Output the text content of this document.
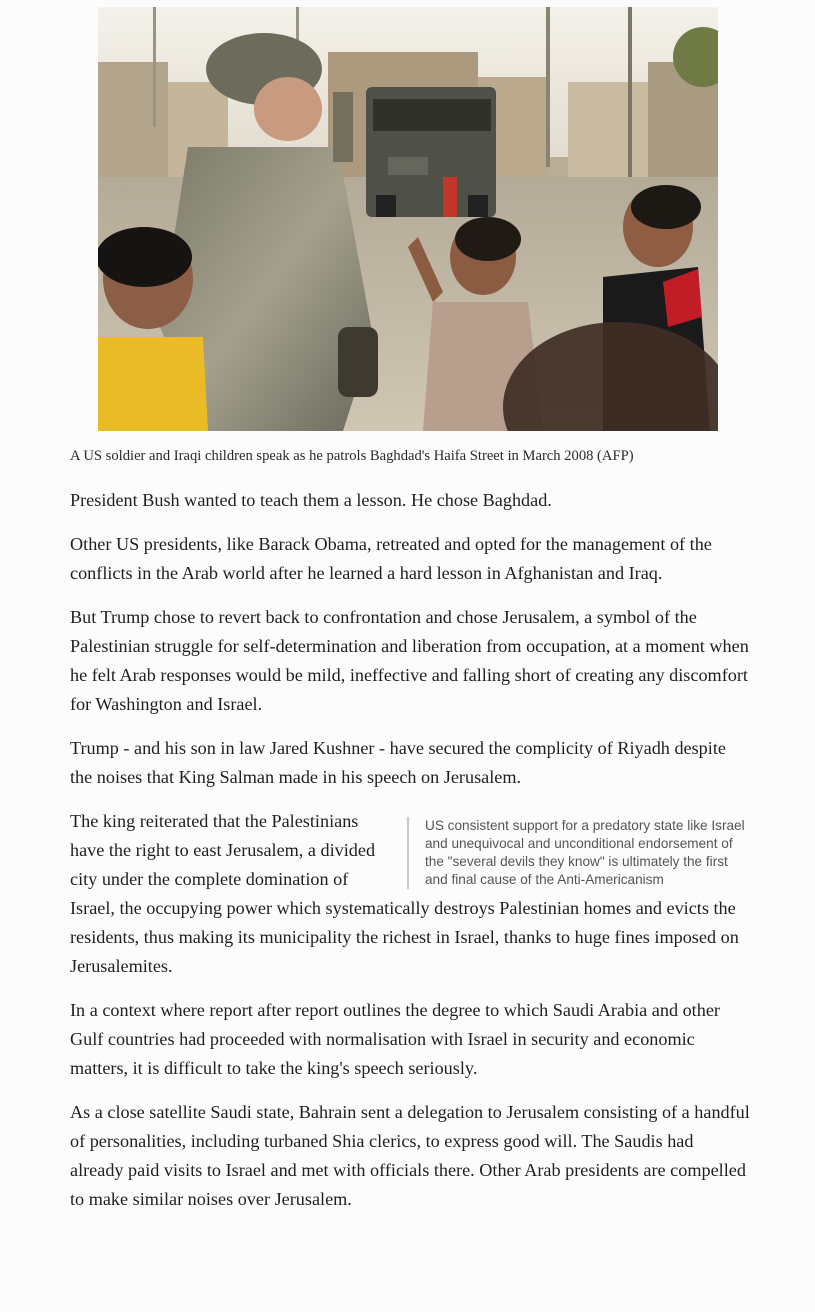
A US soldier and Iraqi children speak as he patrols Baghdad's Haifa Street in March 2008 (AFP)

President Bush wanted to teach them a lesson. He chose Baghdad.

Other US presidents, like Barack Obama, retreated and opted for the management of the conflicts in the Arab world after he learned a hard lesson in Afghanistan and Iraq.

But Trump chose to revert back to confrontation and chose Jerusalem, a symbol of the Palestinian struggle for self-determination and liberation from occupation, at a moment when he felt Arab responses would be mild, ineffective and falling short of creating any discomfort for Washington and Israel.

Trump - and his son in law Jared Kushner - have secured the complicity of Riyadh despite the noises that King Salman made in his speech on Jerusalem.

US consistent support for a predatory state like Israel and unequivocal and unconditional endorsement of the "several devils they know" is ultimately the first and final cause of the Anti-Americanism

The king reiterated that the Palestinians have the right to east Jerusalem, a divided city under the complete domination of Israel, the occupying power which systematically destroys Palestinian homes and evicts the residents, thus making its municipality the richest in Israel, thanks to huge fines imposed on Jerusalemites.

In a context where report after report outlines the degree to which Saudi Arabia and other Gulf countries had proceeded with normalisation with Israel in security and economic matters, it is difficult to take the king's speech seriously.

As a close satellite Saudi state, Bahrain sent a delegation to Jerusalem consisting of a handful of personalities, including turbaned Shia clerics, to express good will. The Saudis had already paid visits to Israel and met with officials there. Other Arab presidents are compelled to make similar noises over Jerusalem.
